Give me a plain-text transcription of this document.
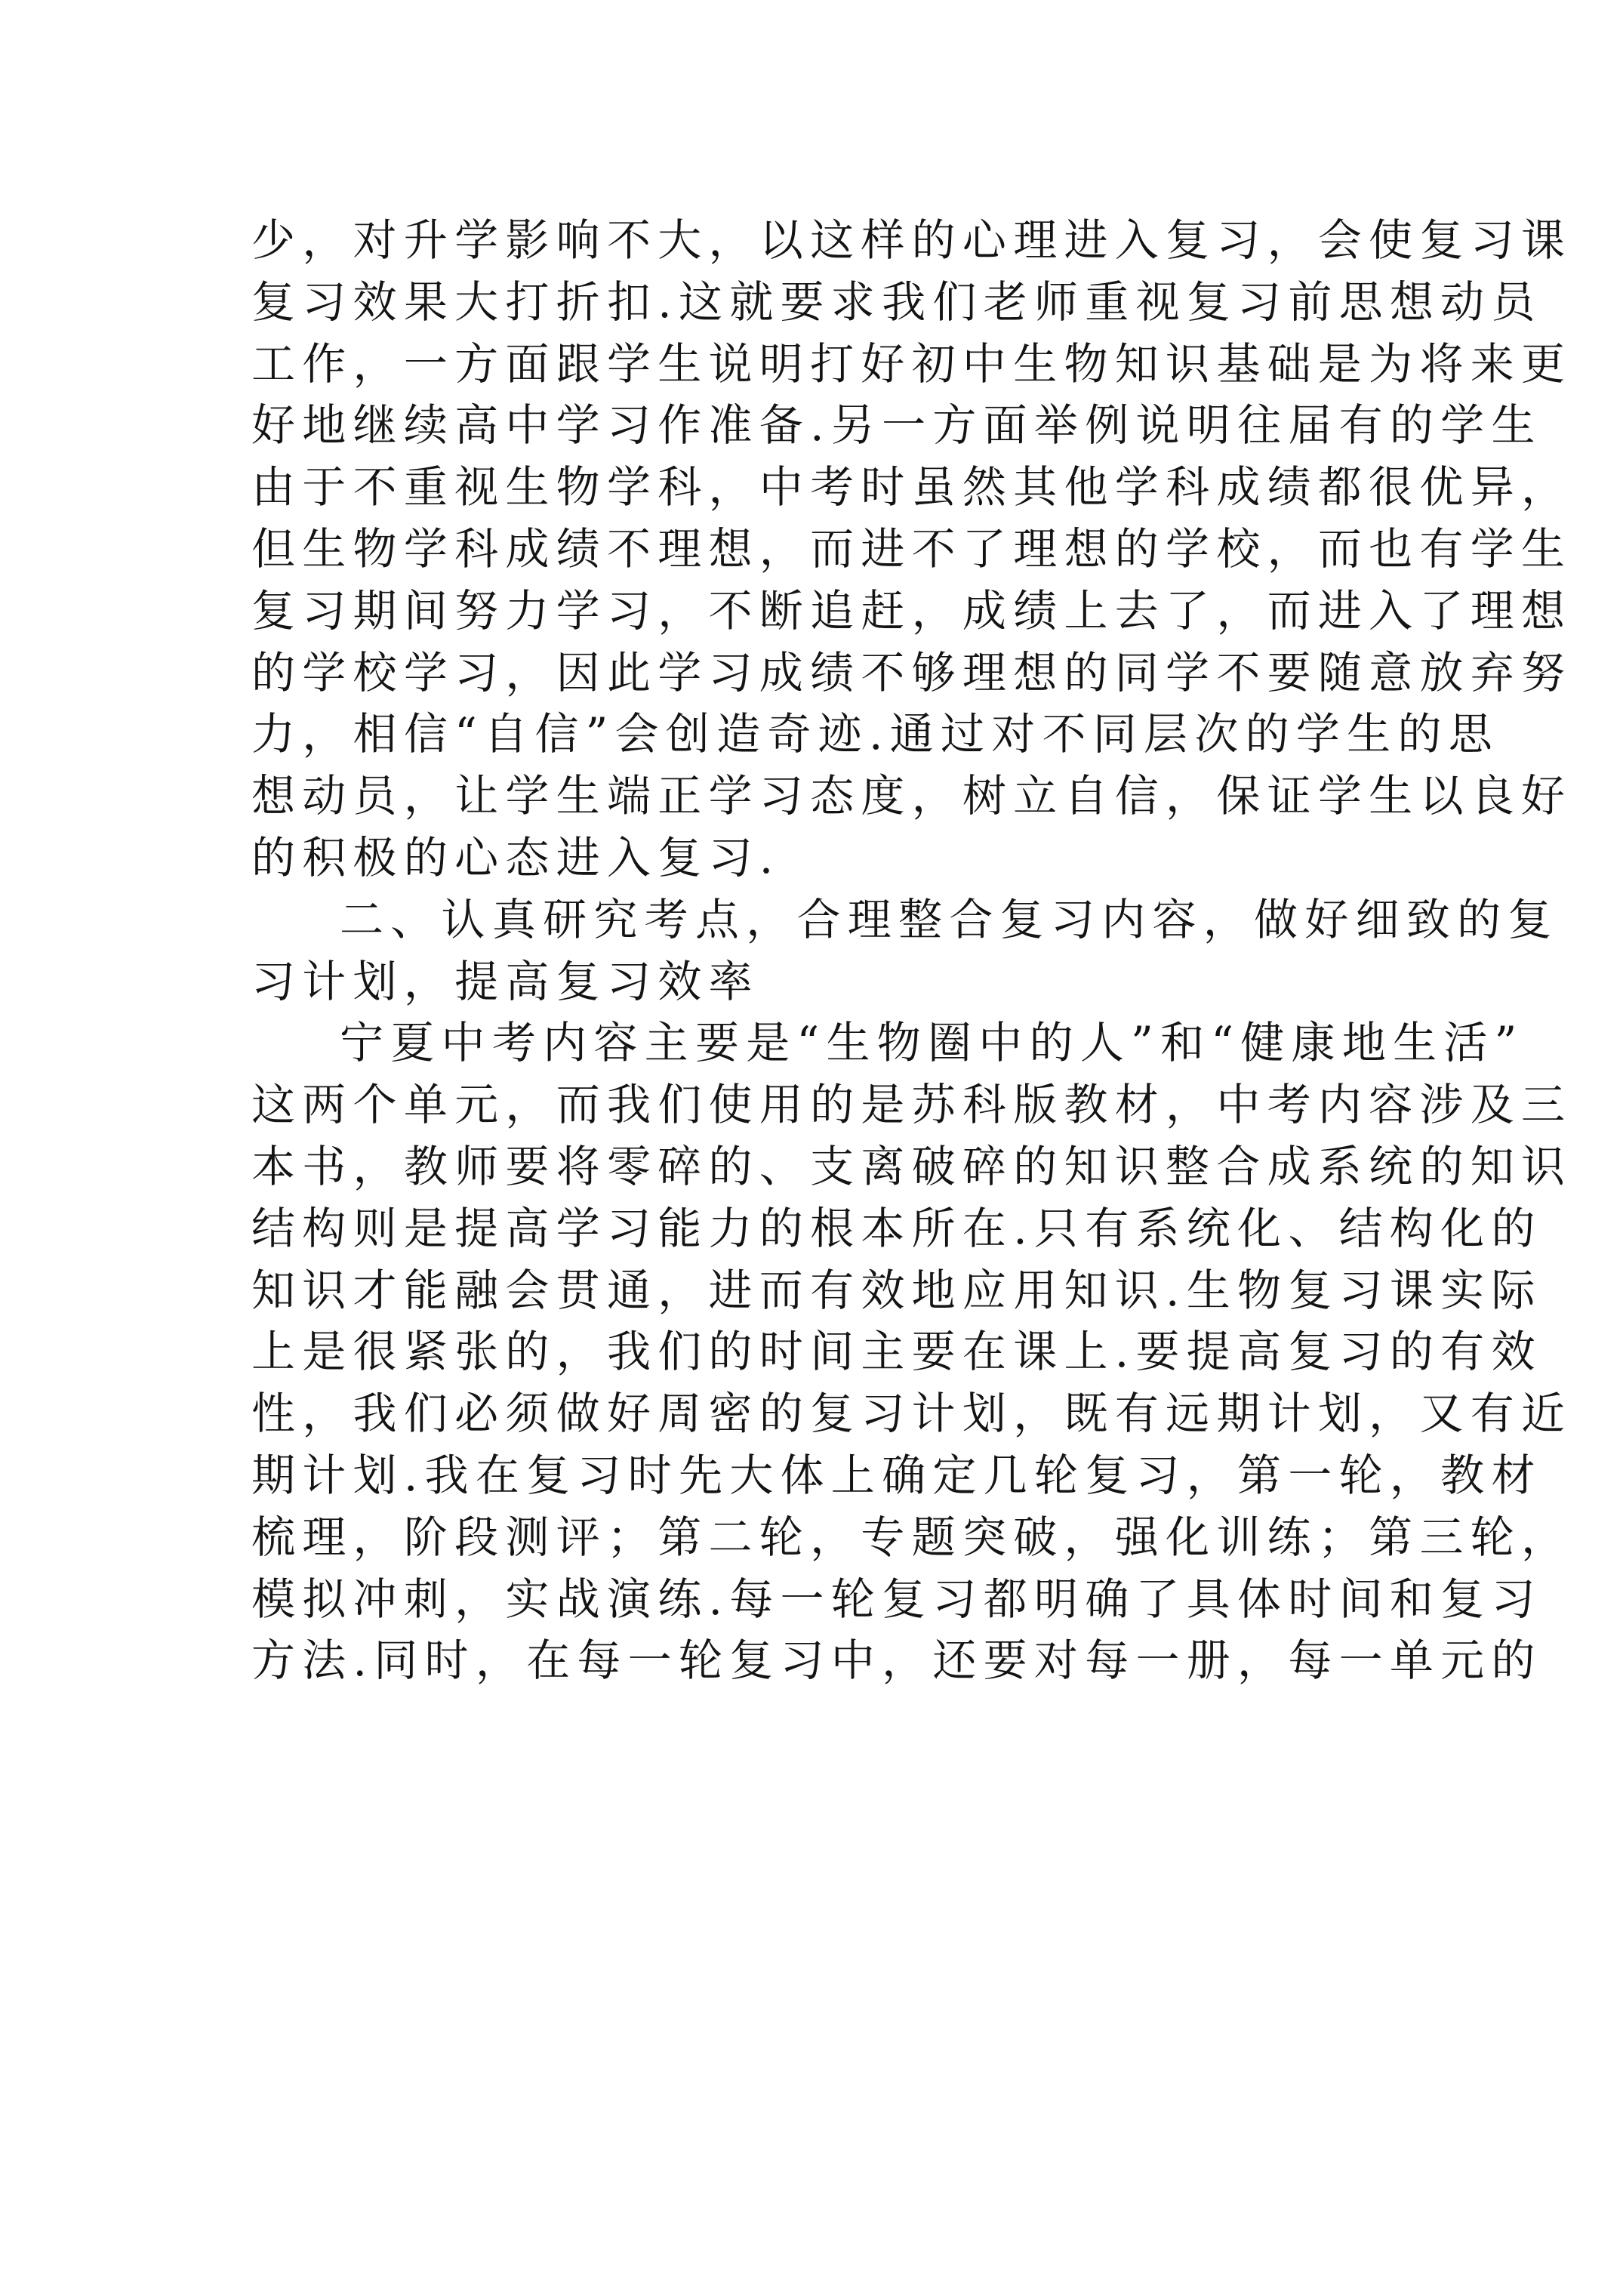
少，对升学影响不大，以这样的心理进入复习，会使复习课

复习效果大打折扣.这就要求我们老师重视复习前思想动员

工作，一方面跟学生说明打好初中生物知识基础是为将来更

好地继续高中学习作准备.另一方面举例说明往届有的学生

由于不重视生物学科，中考时虽然其他学科成绩都很优异，

但生物学科成绩不理想，而进不了理想的学校，而也有学生

复习期间努力学习，不断追赶，成绩上去了，而进入了理想

的学校学习，因此学习成绩不够理想的同学不要随意放弃努

力，相信“自信”会创造奇迹.通过对不同层次的学生的思

想动员，让学生端正学习态度，树立自信，保证学生以良好

的积极的心态进入复习.

二、认真研究考点，合理整合复习内容，做好细致的复

习计划，提高复习效率

宁夏中考内容主要是“生物圈中的人”和“健康地生活”

这两个单元，而我们使用的是苏科版教材，中考内容涉及三

本书，教师要将零碎的、支离破碎的知识整合成系统的知识

结构则是提高学习能力的根本所在.只有系统化、结构化的

知识才能融会贯通，进而有效地应用知识.生物复习课实际

上是很紧张的，我们的时间主要在课上.要提高复习的有效

性，我们必须做好周密的复习计划，既有远期计划，又有近

期计划.我在复习时先大体上确定几轮复习，第一轮，教材

梳理，阶段测评；第二轮，专题突破，强化训练；第三轮，

模拟冲刺，实战演练.每一轮复习都明确了具体时间和复习

方法.同时，在每一轮复习中，还要对每一册，每一单元的
